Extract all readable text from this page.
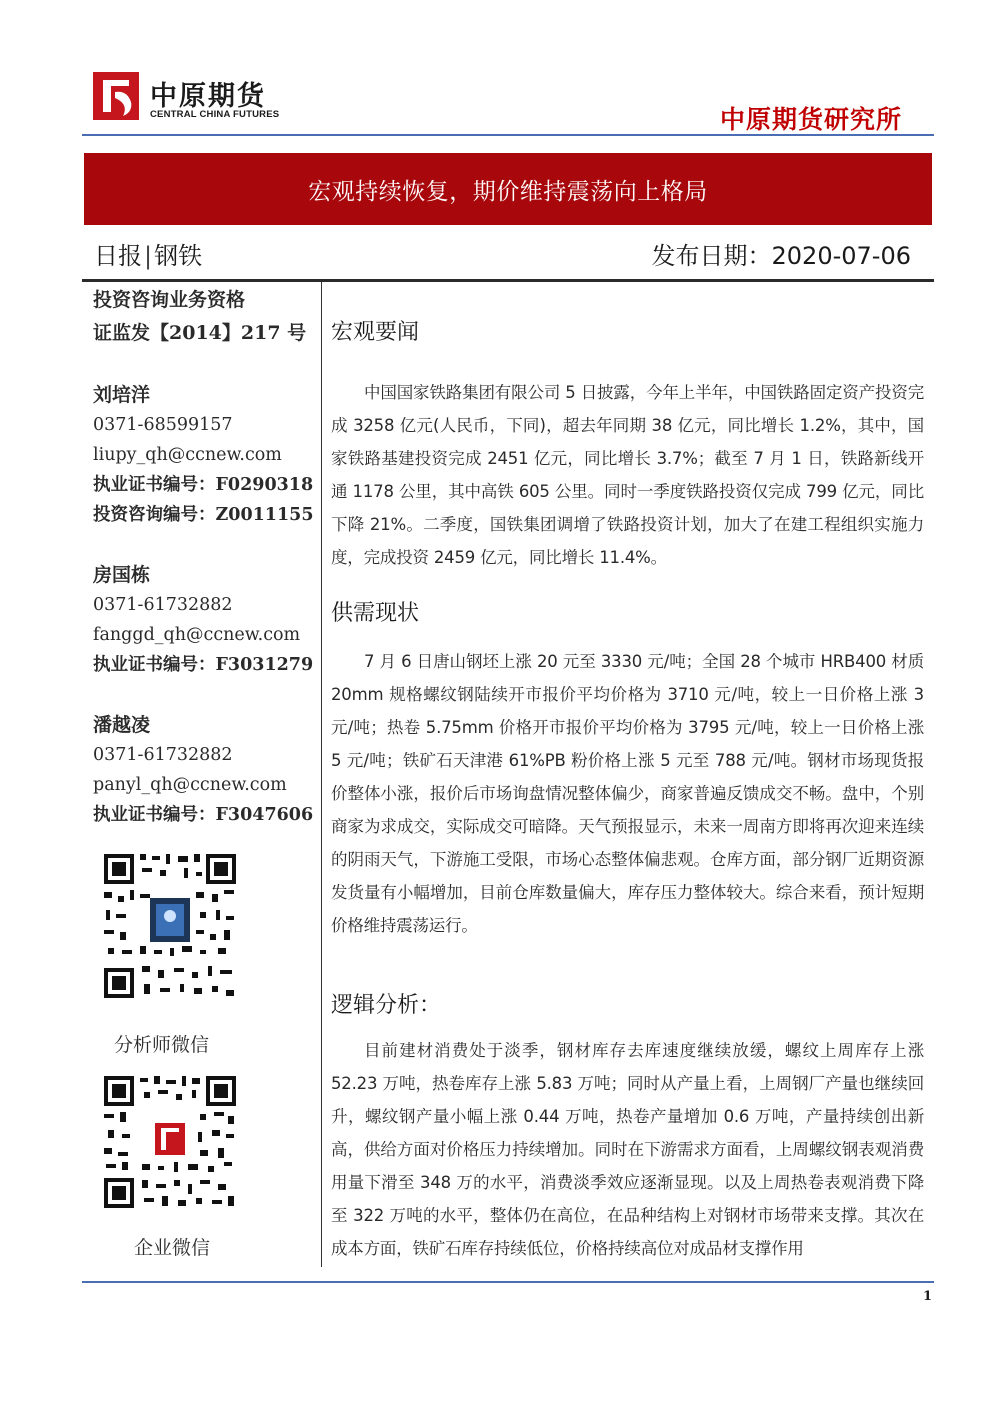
中原期货
CENTRAL CHINA FUTURES	中原期货研究所
宏观持续恢复，期价维持震荡向上格局
日报|钢铁	发布日期：2020-07-06
投资咨询业务资格
证监发【2014】217 号
刘培洋
0371-68599157
liupy_qh@ccnew.com
执业证书编号：F0290318
投资咨询编号：Z0011155
房国栋
0371-61732882
fanggd_qh@ccnew.com
执业证书编号：F3031279
潘越凌
0371-61732882
panyl_qh@ccnew.com
执业证书编号：F3047606
分析师微信
企业微信
宏观要闻

中国国家铁路集团有限公司 5 日披露，今年上半年，中国铁路固定资产投资完成 3258 亿元(人民币，下同)，超去年同期 38 亿元，同比增长 1.2%，其中，国家铁路基建投资完成 2451 亿元，同比增长 3.7%；截至 7 月 1 日，铁路新线开通 1178 公里，其中高铁 605 公里。同时一季度铁路投资仅完成 799 亿元，同比下降 21%。二季度，国铁集团调增了铁路投资计划，加大了在建工程组织实施力度，完成投资 2459 亿元，同比增长 11.4%。

供需现状

7 月 6 日唐山钢坯上涨 20 元至 3330 元/吨；全国 28 个城市 HRB400 材质 20mm 规格螺纹钢陆续开市报价平均价格为 3710 元/吨，较上一日价格上涨 3 元/吨；热卷 5.75mm 价格开市报价平均价格为 3795 元/吨，较上一日价格上涨 5 元/吨；铁矿石天津港 61%PB 粉价格上涨 5 元至 788 元/吨。钢材市场现货报价整体小涨，报价后市场询盘情况整体偏少，商家普遍反馈成交不畅。盘中，个别商家为求成交，实际成交可暗降。天气预报显示，未来一周南方即将再次迎来连续的阴雨天气，下游施工受限，市场心态整体偏悲观。仓库方面，部分钢厂近期资源发货量有小幅增加，目前仓库数量偏大，库存压力整体较大。综合来看，预计短期价格维持震荡运行。

逻辑分析：

目前建材消费处于淡季，钢材库存去库速度继续放缓，螺纹上周库存上涨 52.23 万吨，热卷库存上涨 5.83 万吨；同时从产量上看，上周钢厂产量也继续回升，螺纹钢产量小幅上涨 0.44 万吨，热卷产量增加 0.6 万吨，产量持续创出新高，供给方面对价格压力持续增加。同时在下游需求方面看，上周螺纹钢表观消费用量下滑至 348 万的水平，消费淡季效应逐渐显现。以及上周热卷表观消费下降至 322 万吨的水平，整体仍在高位，在品种结构上对钢材市场带来支撑。其次在成本方面，铁矿石库存持续低位，价格持续高位对成品材支撑作用

1
